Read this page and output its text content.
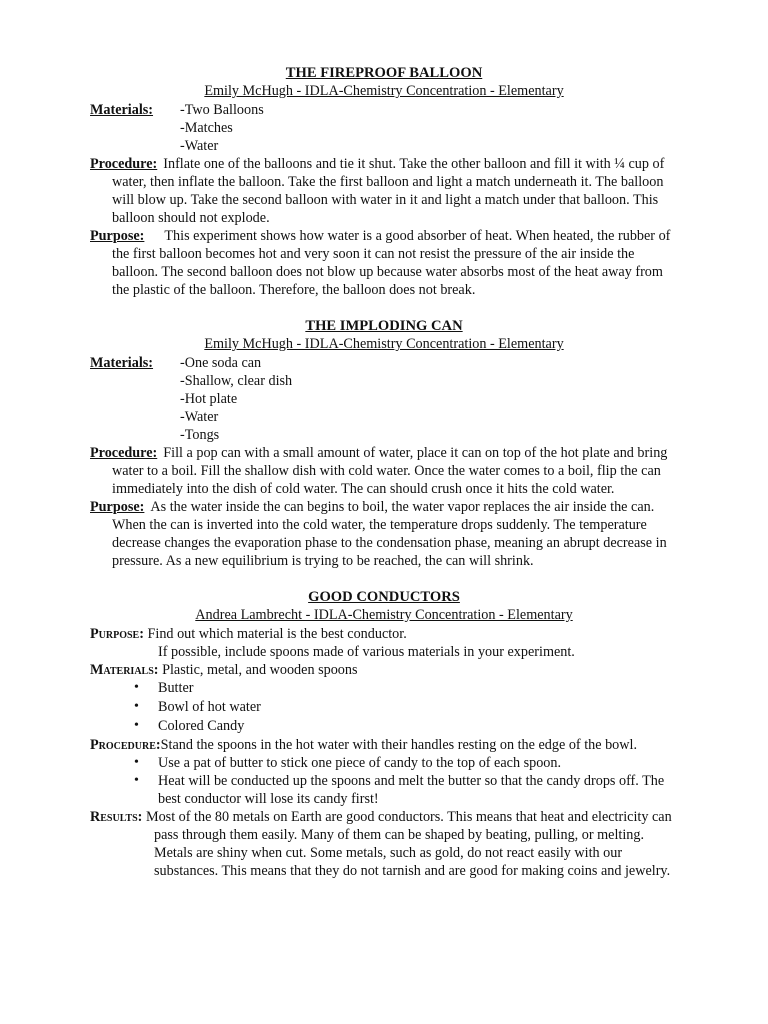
THE FIREPROOF BALLOON

Emily McHugh - IDLA-Chemistry Concentration - Elementary

Materials:	-Two Balloons
-Matches
-Water

Procedure: Inflate one of the balloons and tie it shut. Take the other balloon and fill it with ¼ cup of water, then inflate the balloon. Take the first balloon and light a match underneath it. The balloon will blow up. Take the second balloon with water in it and light a match under that balloon. This balloon should not explode.

Purpose: This experiment shows how water is a good absorber of heat. When heated, the rubber of the first balloon becomes hot and very soon it can not resist the pressure of the air inside the balloon. The second balloon does not blow up because water absorbs most of the heat away from the plastic of the balloon. Therefore, the balloon does not break.

THE IMPLODING CAN

Emily McHugh - IDLA-Chemistry Concentration - Elementary

Materials:	-One soda can
-Shallow, clear dish
-Hot plate
-Water
-Tongs

Procedure: Fill a pop can with a small amount of water, place it can on top of the hot plate and bring water to a boil. Fill the shallow dish with cold water. Once the water comes to a boil, flip the can immediately into the dish of cold water. The can should crush once it hits the cold water.

Purpose: As the water inside the can begins to boil, the water vapor replaces the air inside the can. When the can is inverted into the cold water, the temperature drops suddenly. The temperature decrease changes the evaporation phase to the condensation phase, meaning an abrupt decrease in pressure. As a new equilibrium is trying to be reached, the can will shrink.

GOOD CONDUCTORS

Andrea Lambrecht - IDLA-Chemistry Concentration - Elementary

Purpose: Find out which material is the best conductor.

If possible, include spoons made of various materials in your experiment.

Materials: Plastic, metal, and wooden spoons

• Butter
• Bowl of hot water
• Colored Candy

Procedure:Stand the spoons in the hot water with their handles resting on the edge of the bowl.

• Use a pat of butter to stick one piece of candy to the top of each spoon.
• Heat will be conducted up the spoons and melt the butter so that the candy drops off. The best conductor will lose its candy first!

Results: Most of the 80 metals on Earth are good conductors. This means that heat and electricity can pass through them easily. Many of them can be shaped by beating, pulling, or melting. Metals are shiny when cut. Some metals, such as gold, do not react easily with our substances. This means that they do not tarnish and are good for making coins and jewelry.
